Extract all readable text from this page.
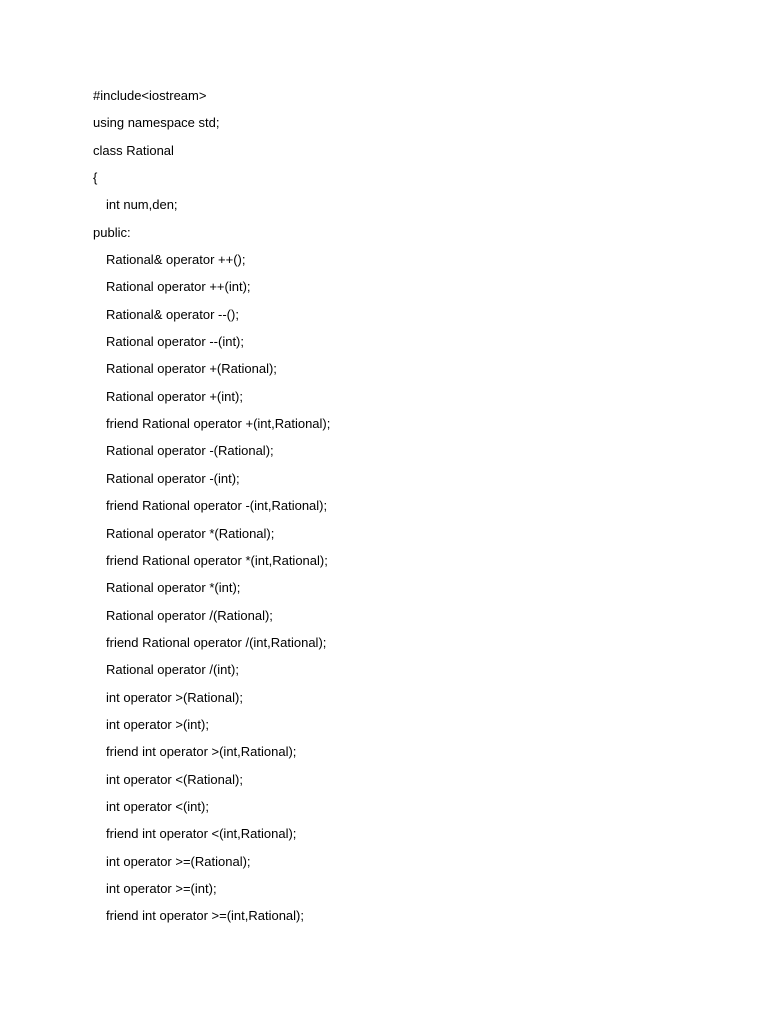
#include<iostream>
using namespace std;
class Rational
{
int num,den;
public:
Rational& operator ++();
Rational operator ++(int);
Rational& operator --();
Rational operator --(int);
Rational operator +(Rational);
Rational operator +(int);
friend Rational operator +(int,Rational);
Rational operator -(Rational);
Rational operator -(int);
friend Rational operator -(int,Rational);
Rational operator *(Rational);
friend Rational operator *(int,Rational);
Rational operator *(int);
Rational operator /(Rational);
friend Rational operator /(int,Rational);
Rational operator /(int);
int operator >(Rational);
int operator >(int);
friend int operator >(int,Rational);
int operator <(Rational);
int operator <(int);
friend int operator <(int,Rational);
int operator >=(Rational);
int operator >=(int);
friend int operator >=(int,Rational);
